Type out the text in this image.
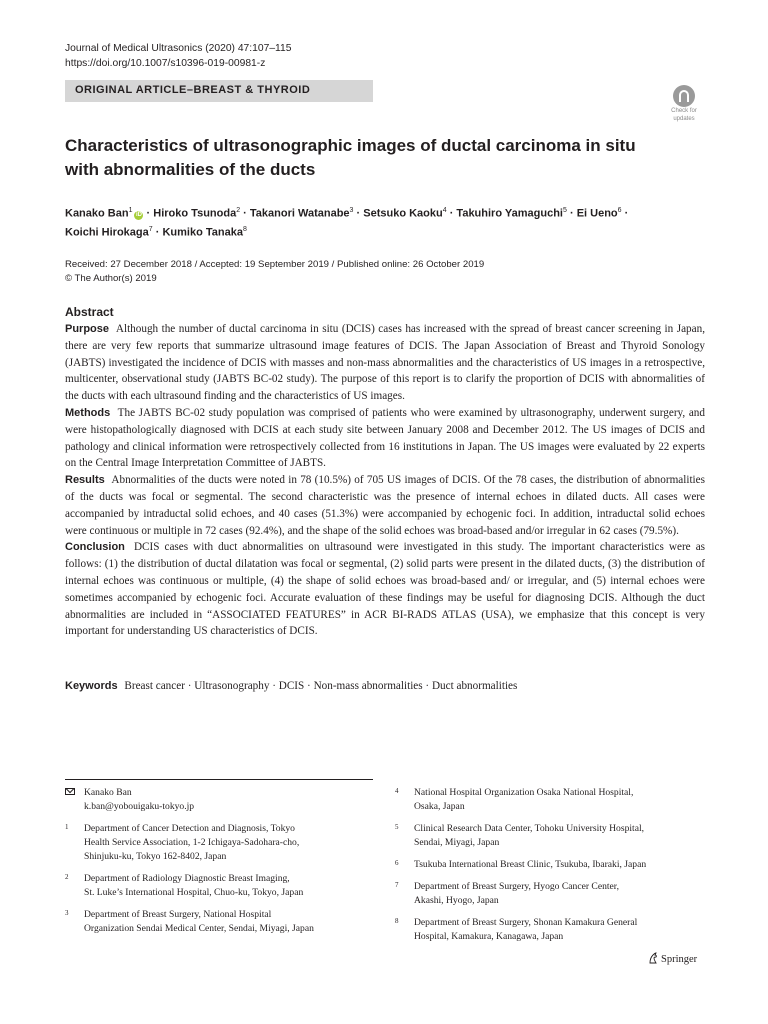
Journal of Medical Ultrasonics (2020) 47:107–115
https://doi.org/10.1007/s10396-019-00981-z
ORIGINAL ARTICLE–BREAST & THYROID
Check for
updates
Characteristics of ultrasonographic images of ductal carcinoma in situ
with abnormalities of the ducts
Kanako Ban$^1$iD · Hiroko Tsunoda$^2$ · Takanori Watanabe$^3$ · Setsuko Kaoku$^4$ · Takuhiro Yamaguchi$^5$ · Ei Ueno$^6$ ·
Koichi Hirokaga$^7$ · Kumiko Tanaka$^8$
Received: 27 December 2018 / Accepted: 19 September 2019 / Published online: 26 October 2019
© The Author(s) 2019
Abstract

Purpose Although the number of ductal carcinoma in situ (DCIS) cases has increased with the spread of breast cancer screening in Japan, there are very few reports that summarize ultrasound image features of DCIS. The Japan Association of Breast and Thyroid Sonology (JABTS) investigated the incidence of DCIS with masses and non-mass abnormalities and the characteristics of US images in a retrospective, multicenter, observational study (JABTS BC-02 study). The purpose of this report is to clarify the proportion of DCIS with abnormalities of the ducts with each ultrasound finding and the characteristics of US images.

Methods The JABTS BC-02 study population was comprised of patients who were examined by ultrasonography, underwent surgery, and were histopathologically diagnosed with DCIS at each study site between January 2008 and December 2012. The US images of DCIS and pathology and clinical information were retrospectively collected from 16 institutions in Japan. The US images were evaluated by 22 experts on the Central Image Interpretation Committee of JABTS.

Results Abnormalities of the ducts were noted in 78 (10.5%) of 705 US images of DCIS. Of the 78 cases, the distribution of abnormalities of the ducts was focal or segmental. The second characteristic was the presence of internal echoes in dilated ducts. All cases were accompanied by intraductal solid echoes, and 40 cases (51.3%) were accompanied by echogenic foci. In addition, intraductal solid echoes were continuous or multiple in 72 cases (92.4%), and the shape of the solid echoes was broad-based and/or irregular in 62 cases (79.5%).

Conclusion DCIS cases with duct abnormalities on ultrasound were investigated in this study. The important characteristics were as follows: (1) the distribution of ductal dilatation was focal or segmental, (2) solid parts were present in the dilated ducts, (3) the distribution of internal echoes was continuous or multiple, (4) the shape of solid echoes was broad-based and/ or irregular, and (5) internal echoes were sometimes accompanied by echogenic foci. Accurate evaluation of these findings may be useful for diagnosing DCIS. Although the duct abnormalities are included in “ASSOCIATED FEATURES” in ACR BI-RADS ATLAS (USA), we emphasize that this concept is very important for understanding US characteristics of DCIS.

Keywords Breast cancer · Ultrasonography · DCIS · Non-mass abnormalities · Duct abnormalities
Kanako Ban
k.ban@yobouigaku-tokyo.jp
1 Department of Cancer Detection and Diagnosis, Tokyo
Health Service Association, 1-2 Ichigaya-Sadohara-cho,
Shinjuku-ku, Tokyo 162-8402, Japan
2 Department of Radiology Diagnostic Breast Imaging,
St. Luke’s International Hospital, Chuo-ku, Tokyo, Japan
3 Department of Breast Surgery, National Hospital
Organization Sendai Medical Center, Sendai, Miyagi, Japan
4 National Hospital Organization Osaka National Hospital,
Osaka, Japan
5 Clinical Research Data Center, Tohoku University Hospital,
Sendai, Miyagi, Japan
6 Tsukuba International Breast Clinic, Tsukuba, Ibaraki, Japan
7 Department of Breast Surgery, Hyogo Cancer Center,
Akashi, Hyogo, Japan
8 Department of Breast Surgery, Shonan Kamakura General
Hospital, Kamakura, Kanagawa, Japan
Springer
